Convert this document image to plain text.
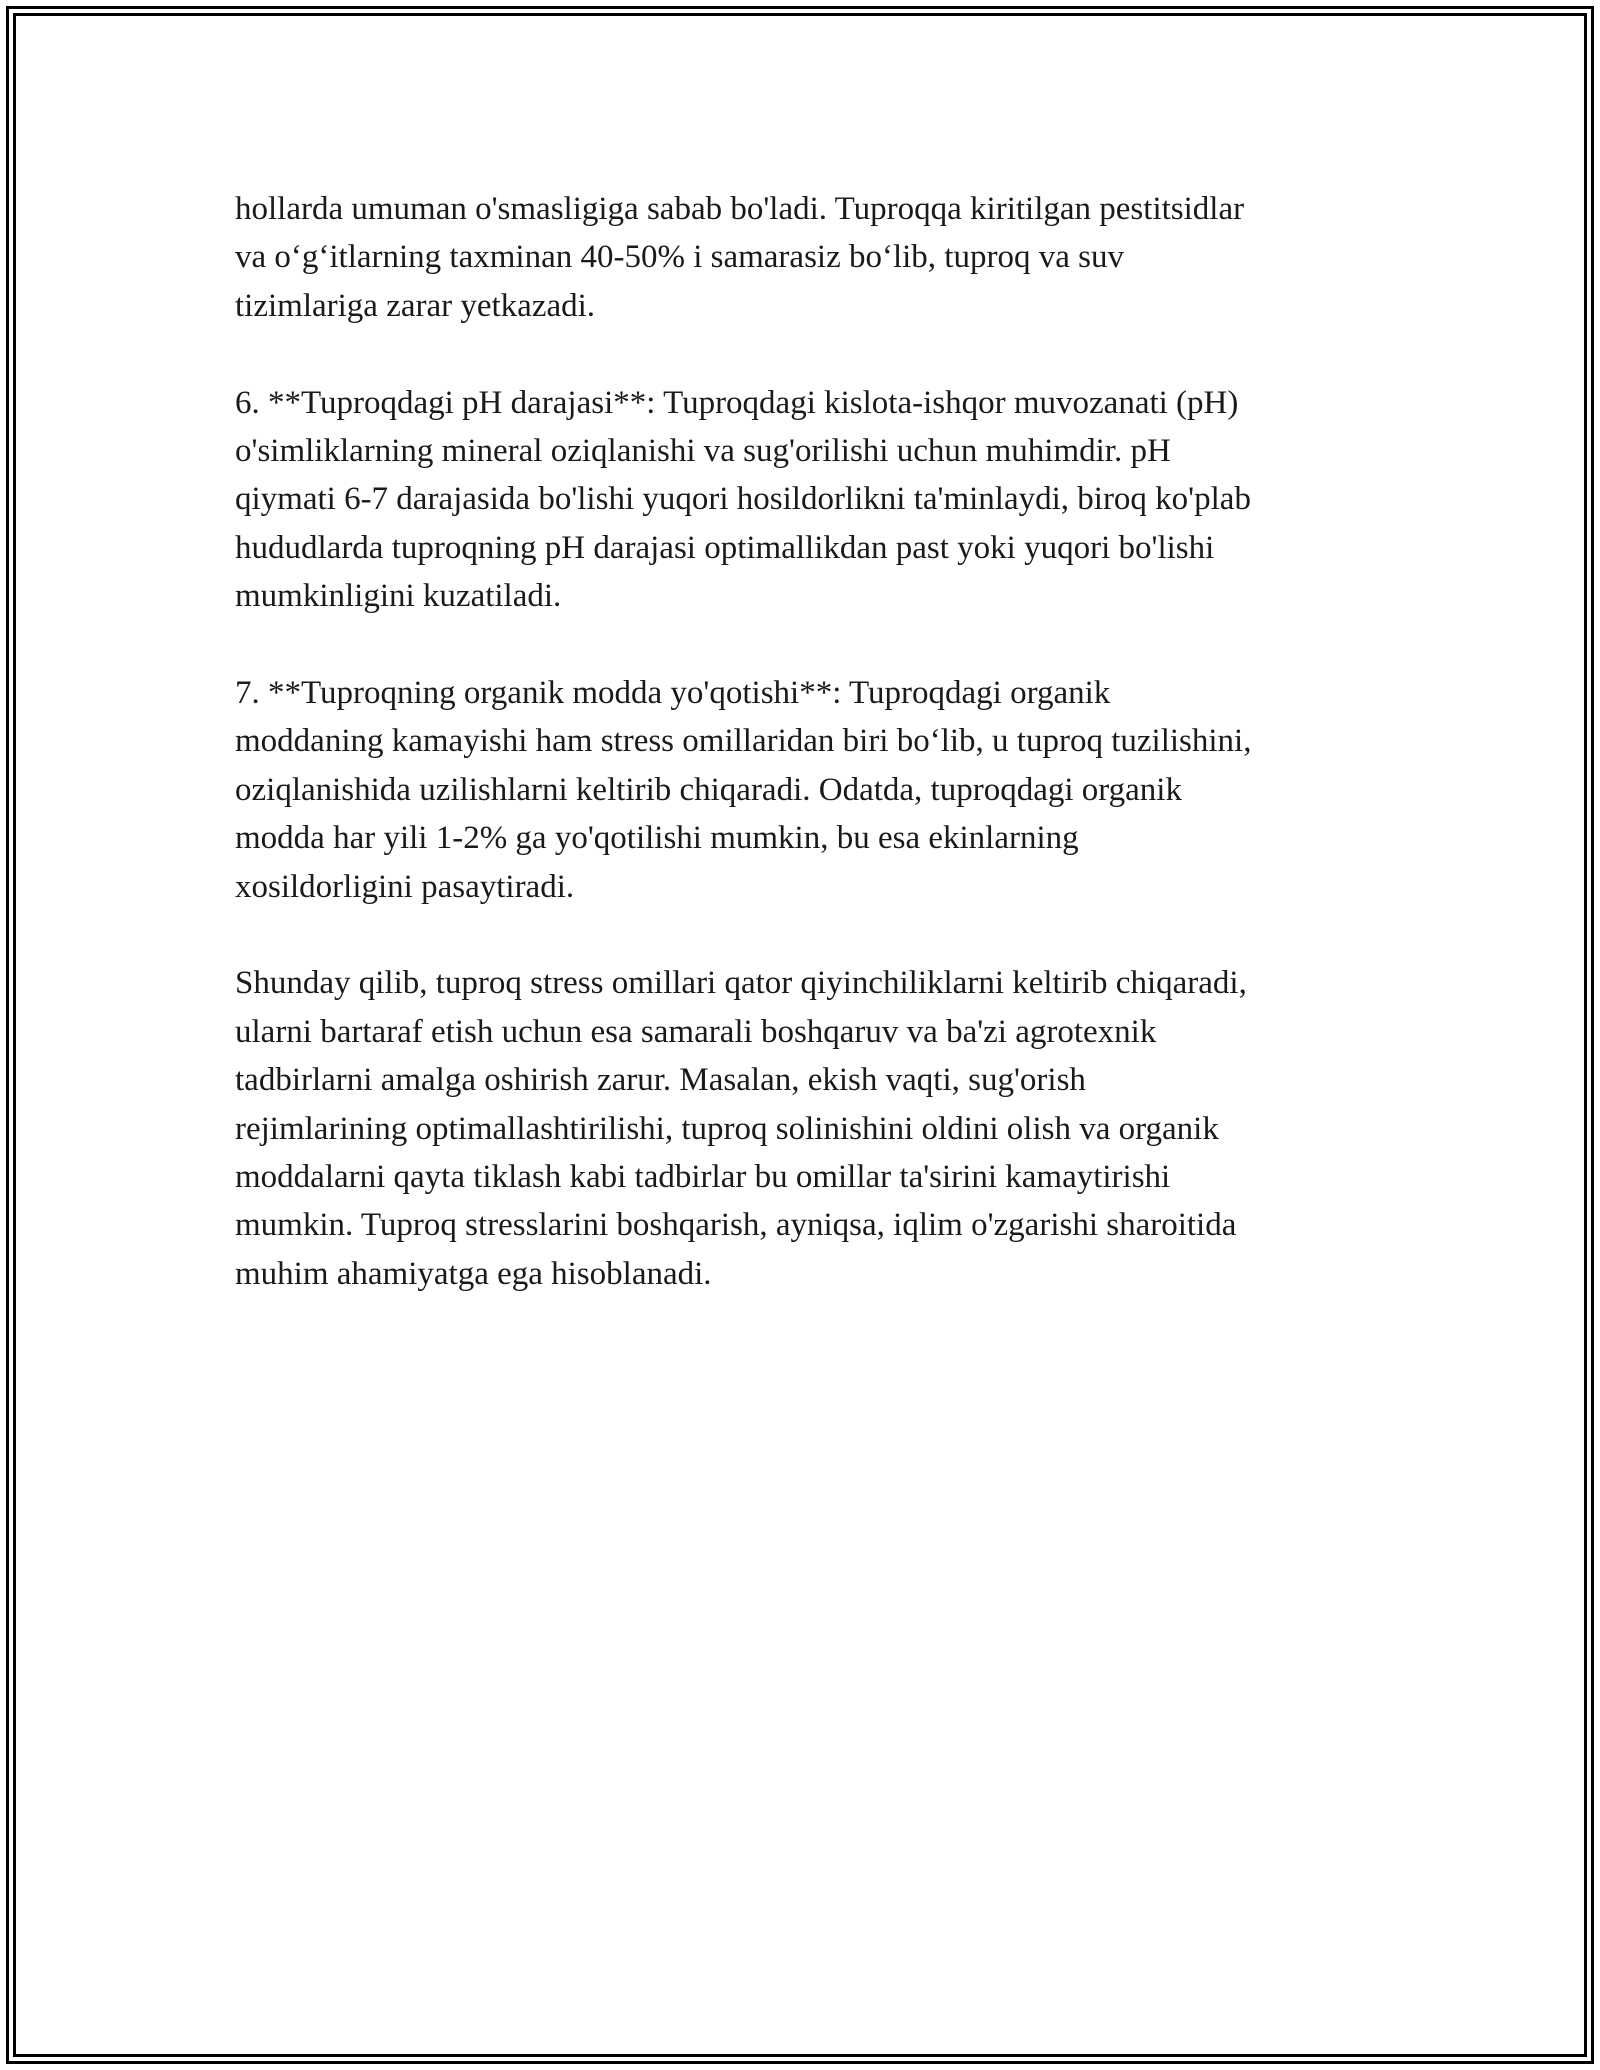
hollarda umuman o'smasligiga sabab bo'ladi. Tuproqqa kiritilgan pestitsidlar
va o‘g‘itlarning taxminan 40-50% i samarasiz bo‘lib, tuproq va suv
tizimlariga zarar yetkazadi.

6. **Tuproqdagi pH darajasi**: Tuproqdagi kislota-ishqor muvozanati (pH)
o'simliklarning mineral oziqlanishi va sug'orilishi uchun muhimdir. pH
qiymati 6-7 darajasida bo'lishi yuqori hosildorlikni ta'minlaydi, biroq ko'plab
hududlarda tuproqning pH darajasi optimallikdan past yoki yuqori bo'lishi
mumkinligini kuzatiladi.

7. **Tuproqning organik modda yo'qotishi**: Tuproqdagi organik
moddaning kamayishi ham stress omillaridan biri bo‘lib, u tuproq tuzilishini,
oziqlanishida uzilishlarni keltirib chiqaradi. Odatda, tuproqdagi organik
modda har yili 1-2% ga yo'qotilishi mumkin, bu esa ekinlarning
xosildorligini pasaytiradi.

Shunday qilib, tuproq stress omillari qator qiyinchiliklarni keltirib chiqaradi,
ularni bartaraf etish uchun esa samarali boshqaruv va ba'zi agrotexnik
tadbirlarni amalga oshirish zarur. Masalan, ekish vaqti, sug'orish
rejimlarining optimallashtirilishi, tuproq solinishini oldini olish va organik
moddalarni qayta tiklash kabi tadbirlar bu omillar ta'sirini kamaytirishi
mumkin. Tuproq stresslarini boshqarish, ayniqsa, iqlim o'zgarishi sharoitida
muhim ahamiyatga ega hisoblanadi.
